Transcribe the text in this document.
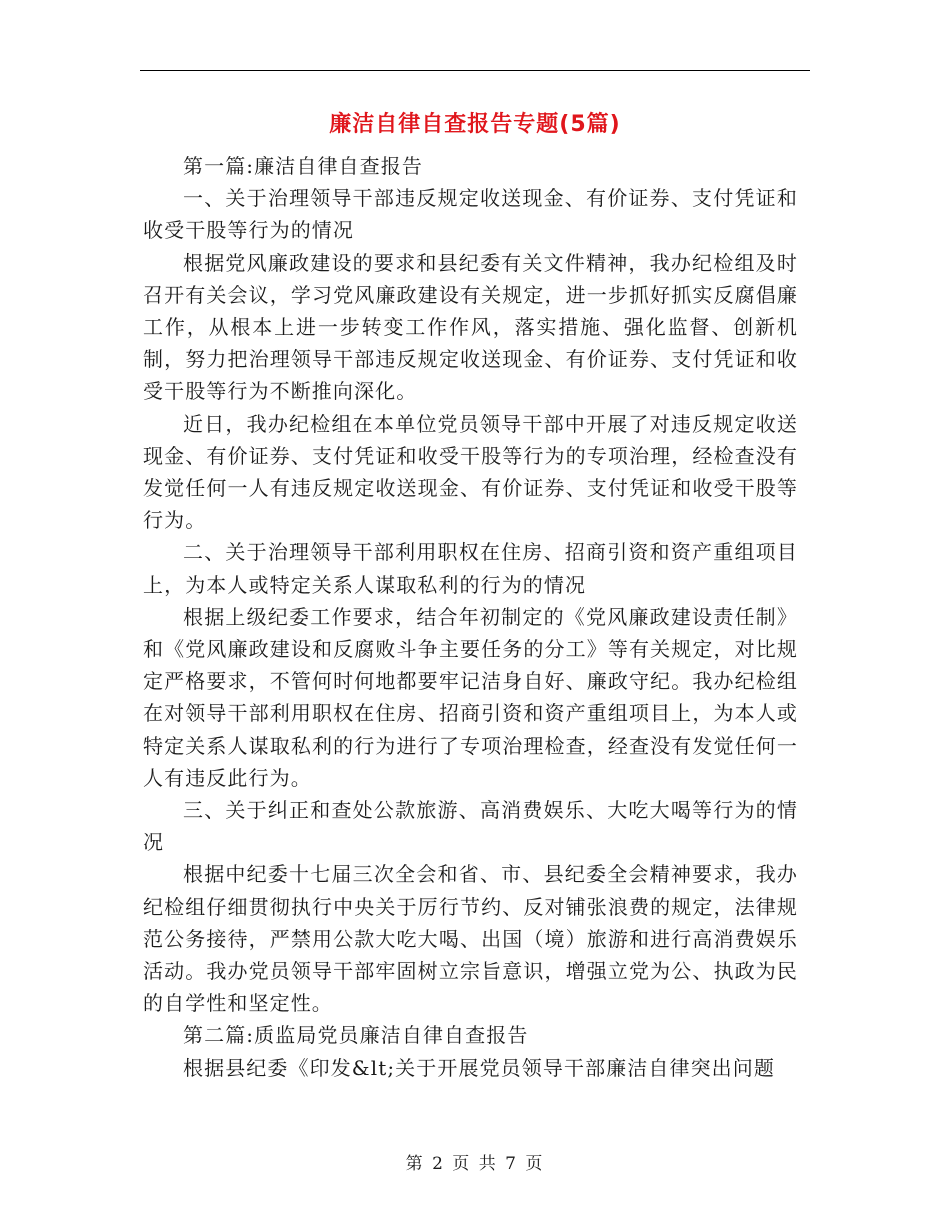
廉洁自律自查报告专题(5篇)

第一篇:廉洁自律自查报告

一、关于治理领导干部违反规定收送现金、有价证券、支付凭证和收受干股等行为的情况

根据党风廉政建设的要求和县纪委有关文件精神，我办纪检组及时召开有关会议，学习党风廉政建设有关规定，进一步抓好抓实反腐倡廉工作，从根本上进一步转变工作作风，落实措施、强化监督、创新机制，努力把治理领导干部违反规定收送现金、有价证券、支付凭证和收受干股等行为不断推向深化。

近日，我办纪检组在本单位党员领导干部中开展了对违反规定收送现金、有价证券、支付凭证和收受干股等行为的专项治理，经检查没有发觉任何一人有违反规定收送现金、有价证券、支付凭证和收受干股等行为。

二、关于治理领导干部利用职权在住房、招商引资和资产重组项目上，为本人或特定关系人谋取私利的行为的情况

根据上级纪委工作要求，结合年初制定的《党风廉政建设责任制》和《党风廉政建设和反腐败斗争主要任务的分工》等有关规定，对比规定严格要求，不管何时何地都要牢记洁身自好、廉政守纪。我办纪检组在对领导干部利用职权在住房、招商引资和资产重组项目上，为本人或特定关系人谋取私利的行为进行了专项治理检查，经查没有发觉任何一人有违反此行为。

三、关于纠正和查处公款旅游、高消费娱乐、大吃大喝等行为的情况

根据中纪委十七届三次全会和省、市、县纪委全会精神要求，我办纪检组仔细贯彻执行中央关于厉行节约、反对铺张浪费的规定，法律规范公务接待，严禁用公款大吃大喝、出国（境）旅游和进行高消费娱乐活动。我办党员领导干部牢固树立宗旨意识，增强立党为公、执政为民的自学性和坚定性。

第二篇:质监局党员廉洁自律自查报告

根据县纪委《印发&lt;关于开展党员领导干部廉洁自律突出问题

第 2 页 共 7 页
